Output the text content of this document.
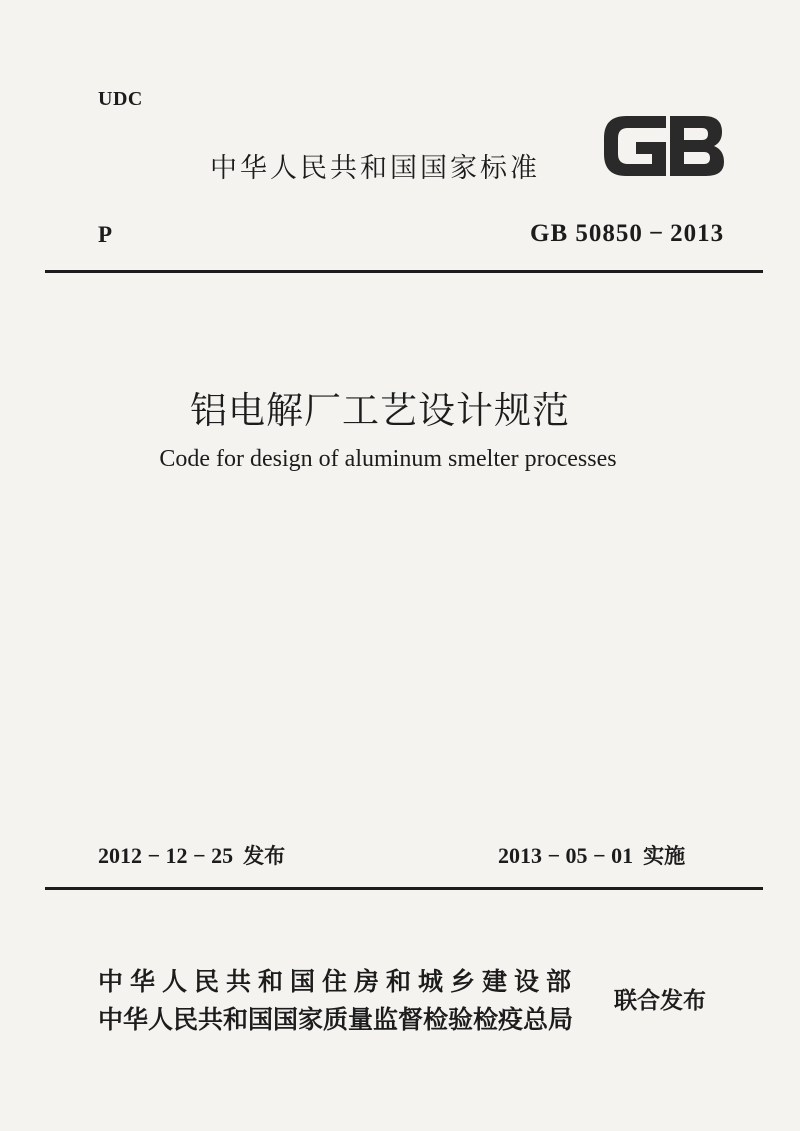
UDC
中华人民共和国国家标准
P	GB 50850 − 2013
铝电解厂工艺设计规范
Code for design of aluminum smelter processes
2012 − 12 − 25 发布	2013 − 05 − 01 实施
中华人民共和国住房和城乡建设部
中华人民共和国国家质量监督检验检疫总局
联合发布
